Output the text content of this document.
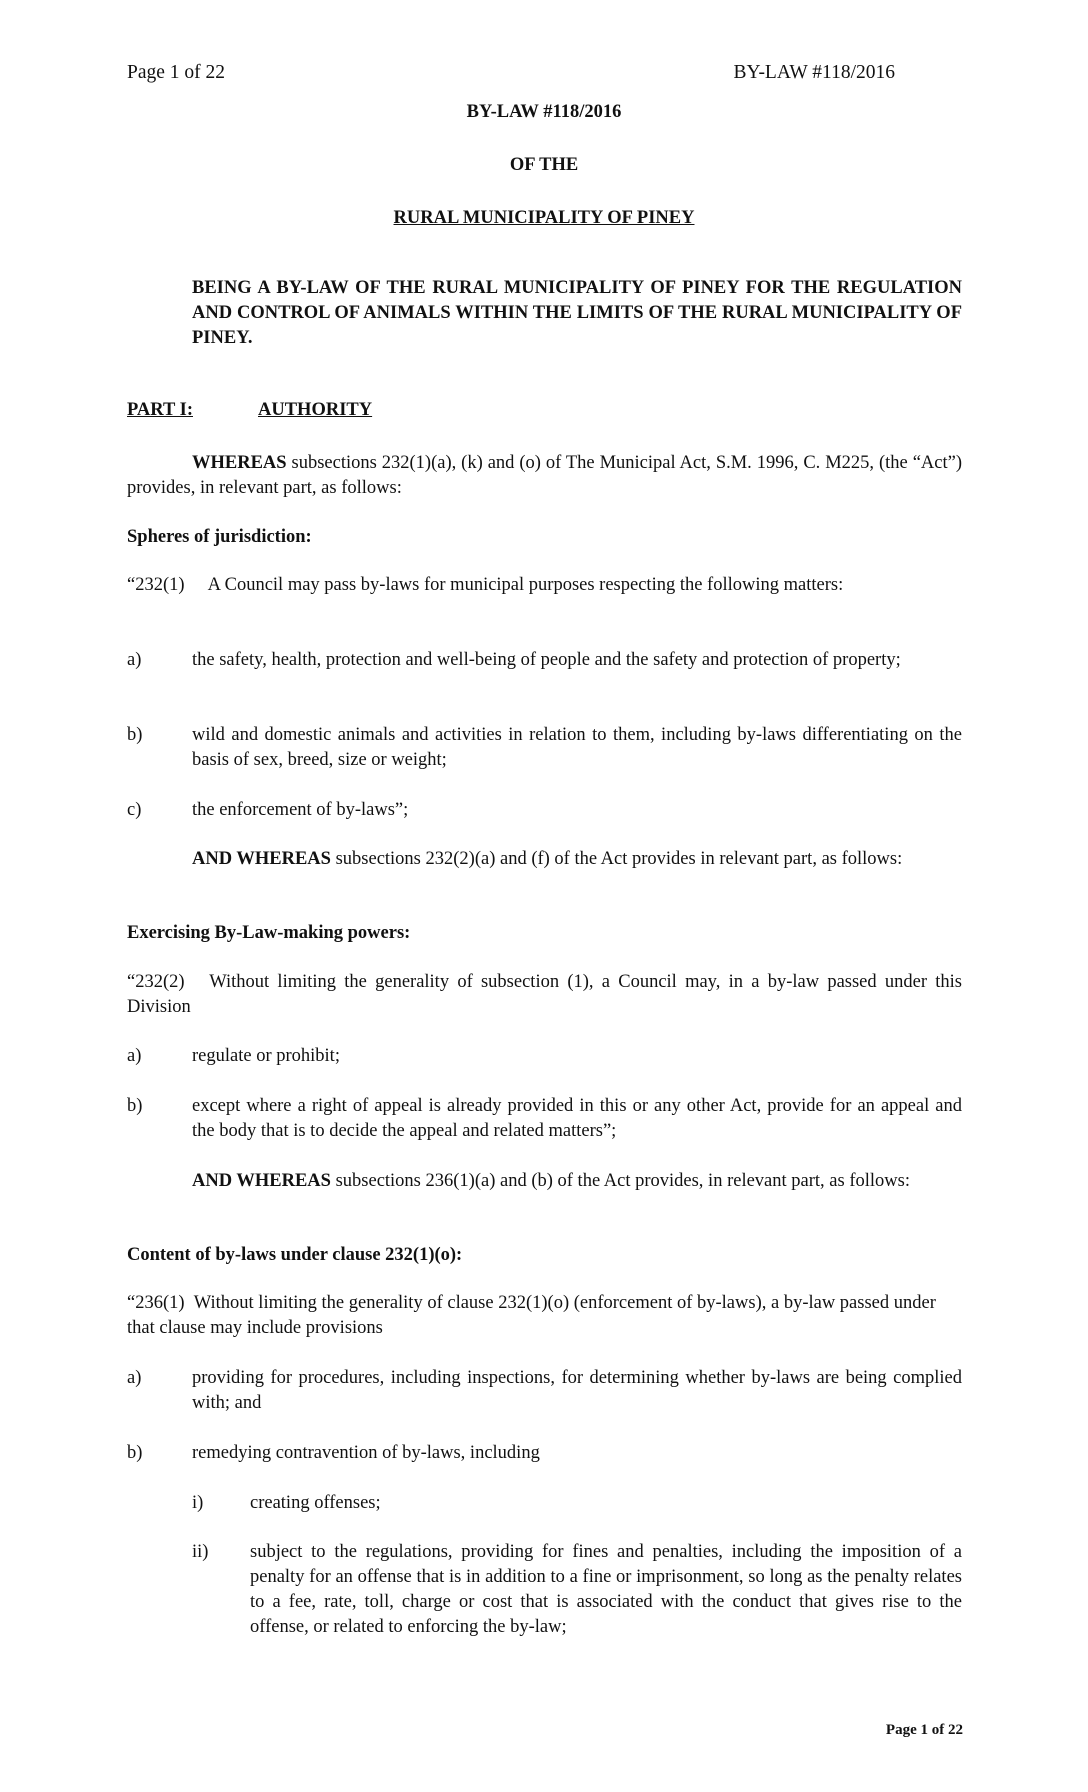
Page 1 of 22	BY-LAW #118/2016
BY-LAW #118/2016
OF THE
RURAL MUNICIPALITY OF PINEY
BEING A BY-LAW OF THE RURAL MUNICIPALITY OF PINEY FOR THE REGULATION AND CONTROL OF ANIMALS WITHIN THE LIMITS OF THE RURAL MUNICIPALITY OF PINEY.
PART I:	AUTHORITY
WHEREAS subsections 232(1)(a), (k) and (o) of The Municipal Act, S.M. 1996, C. M225, (the “Act”) provides, in relevant part, as follows:
Spheres of jurisdiction:
“232(1)     A Council may pass by-laws for municipal purposes respecting the following matters:
a)	the safety, health, protection and well-being of people and the safety and protection of property;
b)	wild and domestic animals and activities in relation to them, including by-laws differentiating on the basis of sex, breed, size or weight;
c)	the enforcement of by-laws”;
AND WHEREAS subsections 232(2)(a) and (f) of the Act provides in relevant part, as follows:
Exercising By-Law-making powers:
“232(2)   Without limiting the generality of subsection (1), a Council may, in a by-law passed under this Division
a)	regulate or prohibit;
b)	except where a right of appeal is already provided in this or any other Act, provide for an appeal and the body that is to decide the appeal and related matters”;
AND WHEREAS subsections 236(1)(a) and (b) of the Act provides, in relevant part, as follows:
Content of by-laws under clause 232(1)(o):
“236(1)  Without limiting the generality of clause 232(1)(o) (enforcement of by-laws), a by-law passed under that clause may include provisions
a)	providing for procedures, including inspections, for determining whether by-laws are being complied with; and
b)	remedying contravention of by-laws, including
i)	creating offenses;
ii) subject to the regulations, providing for fines and penalties, including the imposition of a penalty for an offense that is in addition to a fine or imprisonment, so long as the penalty relates to a fee, rate, toll, charge or cost that is associated with the conduct that gives rise to the offense, or related to enforcing the by-law;
Page 1 of 22
